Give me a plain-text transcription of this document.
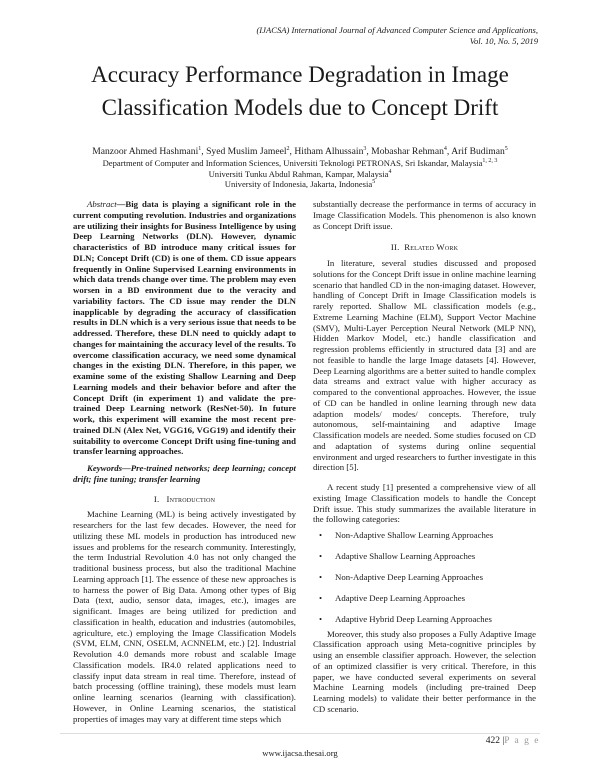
(IJACSA) International Journal of Advanced Computer Science and Applications,
Vol. 10, No. 5, 2019
Accuracy Performance Degradation in Image
Classification Models due to Concept Drift
Manzoor Ahmed Hashmani$^1$, Syed Muslim Jameel$^2$, Hitham Alhussain$^3$, Mobashar Rehman$^4$, Arif Budiman$^5$
Department of Computer and Information Sciences, Universiti Teknologi PETRONAS, Sri Iskandar, Malaysia$^{1, 2, 3}$
Universiti Tunku Abdul Rahman, Kampar, Malaysia$^4$
University of Indonesia, Jakarta, Indonesia$^5$

Abstract—Big data is playing a significant role in the current computing revolution. Industries and organizations are utilizing their insights for Business Intelligence by using Deep Learning Networks (DLN). However, dynamic characteristics of BD introduce many critical issues for DLN; Concept Drift (CD) is one of them. CD issue appears frequently in Online Supervised Learning environments in which data trends change over time. The problem may even worsen in a BD environment due to the veracity and variability factors. The CD issue may render the DLN inapplicable by degrading the accuracy of classification results in DLN which is a very serious issue that needs to be addressed. Therefore, these DLN need to quickly adapt to changes for maintaining the accuracy level of the results. To overcome classification accuracy, we need some dynamical changes in the existing DLN. Therefore, in this paper, we examine some of the existing Shallow Learning and Deep Learning models and their behavior before and after the Concept Drift (in experiment 1) and validate the pre-trained Deep Learning network (ResNet-50). In future work, this experiment will examine the most recent pre-trained DLN (Alex Net, VGG16, VGG19) and identify their suitability to overcome Concept Drift using fine-tuning and transfer learning approaches.

Keywords—Pre-trained networks; deep learning; concept drift; fine tuning; transfer learning

I. Introduction

Machine Learning (ML) is being actively investigated by researchers for the last few decades. However, the need for utilizing these ML models in production has introduced new issues and problems for the research community. Interestingly, the term Industrial Revolution 4.0 has not only changed the traditional business process, but also the traditional Machine Learning approach [1]. The essence of these new approaches is to harness the power of Big Data. Among other types of Big Data (text, audio, sensor data, images, etc.), images are significant. Images are being utilized for prediction and classification in health, education and industries (automobiles, agriculture, etc.) employing the Image Classification Models (SVM, ELM, CNN, OSELM, ACNNELM, etc.) [2]. Industrial Revolution 4.0 demands more robust and scalable Image Classification models. IR4.0 related applications need to classify input data stream in real time. Therefore, instead of batch processing (offline training), these models must learn online learning scenarios (learning with classification). However, in Online Learning scenarios, the statistical properties of images may vary at different time steps which

substantially decrease the performance in terms of accuracy in Image Classification Models. This phenomenon is also known as Concept Drift issue.

II. Related Work

In literature, several studies discussed and proposed solutions for the Concept Drift issue in online machine learning scenario that handled CD in the non-imaging dataset. However, handling of Concept Drift in Image Classification models is rarely reported. Shallow ML classification models (e.g., Extreme Learning Machine (ELM), Support Vector Machine (SMV), Multi-Layer Perception Neural Network (MLP NN), Hidden Markov Model, etc.) handle classification and regression problems efficiently in structured data [3] and are not feasible to handle the large Image datasets [4]. However, Deep Learning algorithms are a better suited to handle complex data streams and extract value with higher accuracy as compared to the conventional approaches. However, the issue of CD can be handled in online learning through new data adaption models/ modes/ concepts. Therefore, truly autonomous, self-maintaining and adaptive Image Classification models are needed. Some studies focused on CD and adaptation of systems during online sequential environment and urged researchers to further investigate in this direction [5].

A recent study [1] presented a comprehensive view of all existing Image Classification models to handle the Concept Drift issue. This study summarizes the available literature in the following categories:

• Non-Adaptive Shallow Learning Approaches
• Adaptive Shallow Learning Approaches
• Non-Adaptive Deep Learning Approaches
• Adaptive Deep Learning Approaches
• Adaptive Hybrid Deep Learning Approaches

Moreover, this study also proposes a Fully Adaptive Image Classification approach using Meta-cognitive principles by using an ensemble classifier approach. However, the selection of an optimized classifier is very critical. Therefore, in this paper, we have conducted several experiments on several Machine Learning models (including pre-trained Deep Learning models) to validate their better performance in the CD scenario.

422 |P a g e
www.ijacsa.thesai.org
